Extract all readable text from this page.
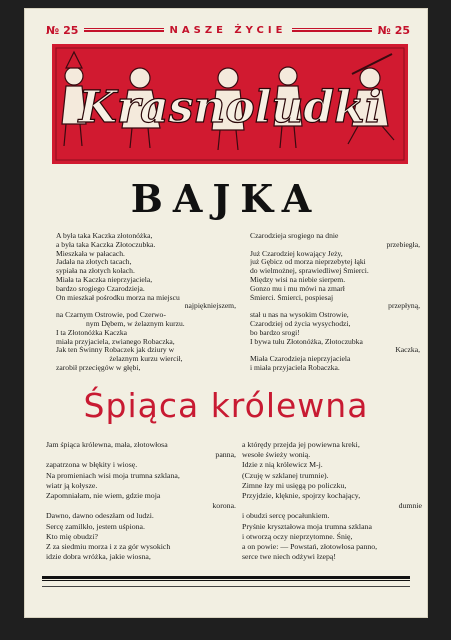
№ 25	NASZE ŻYCIE	№ 25
Krasnoludki
BAJKA
A była taka Kaczka złotonóżka,
a była taka Kaczka Złotoczubka.
Mieszkała w pałacach.
Jadała na złotych tacach,
sypiała na złotych kołach.
Miała ta Kaczka nieprzyjaciela,
bardzo srogiego Czarodzieja.
On mieszkał pośrodku morza na miejscu
najpiękniejszem,
na Czarnym Ostrowie, pod Czerwo-
nym Dębem, w żelaznym kurzu.
I ta Złotonóżka Kaczka
miała przyjaciela, zwianego Robaczka,
Jak ten Świnny Robaczek jak dziury w
żelaznym kurzu wiercił,
zarobił przecięgów w głębi,
Czarodzieja srogiego na dnie
przebiegła,
Już Czarodziej kowający Jeży,
już Gębicz od morza nieprzebytej łąki
do wielmożnej, sprawiedliwej Śmierci.
Między wisi na niebie sierpem.
Gonzo mu i mu mówi na zmarł
Śmierci. Śmierci, pospiesaj
przepłyną,
stał u nas na wysokim Ostrowie,
Czarodziej od życia wysychodzi,
bo bardzo srogi!
I bywa tułu Złotonóżka, Złotoczubka
Kaczka,
Miała Czarodzieja nieprzyjaciela
i miała przyjaciela Robaczka.
Śpiąca królewna
Jam śpiąca królewna, mała, złotowłosa
panna,
zapatrzona w błękity i wiosę.
Na promieniach wisi moja trumna szklana,
wiatr ją kołysze.
Zapomniałam, nie wiem, gdzie moja
korona.
Dawno, dawno odeszłam od ludzi.
Sercę zamilkło, jestem uśpiona.
Kto mię obudzi?
Z za siedmiu morza i z za gór wysokich
idzie dobra wróżka, jakie wiosna,
a którędy przejda jej powiewna kreki,
wesołe świeży wonią.
Idzie z nią królewicz M-j.
(Czuję w szklanej trumnie).
Zimne łzy mi usięgą po policzku,
Przyjdzie, klęknie, spojrzy kochający,
dumnie
i obudzi sercę pocałunkiem.
Pryśnie kryształowa moja trumna szklana
i otworzą oczy nieprzytomne. Śnię,
a on powie: — Powstań, złotowłosa panno,
serce twe niech odżywi łzepą!
